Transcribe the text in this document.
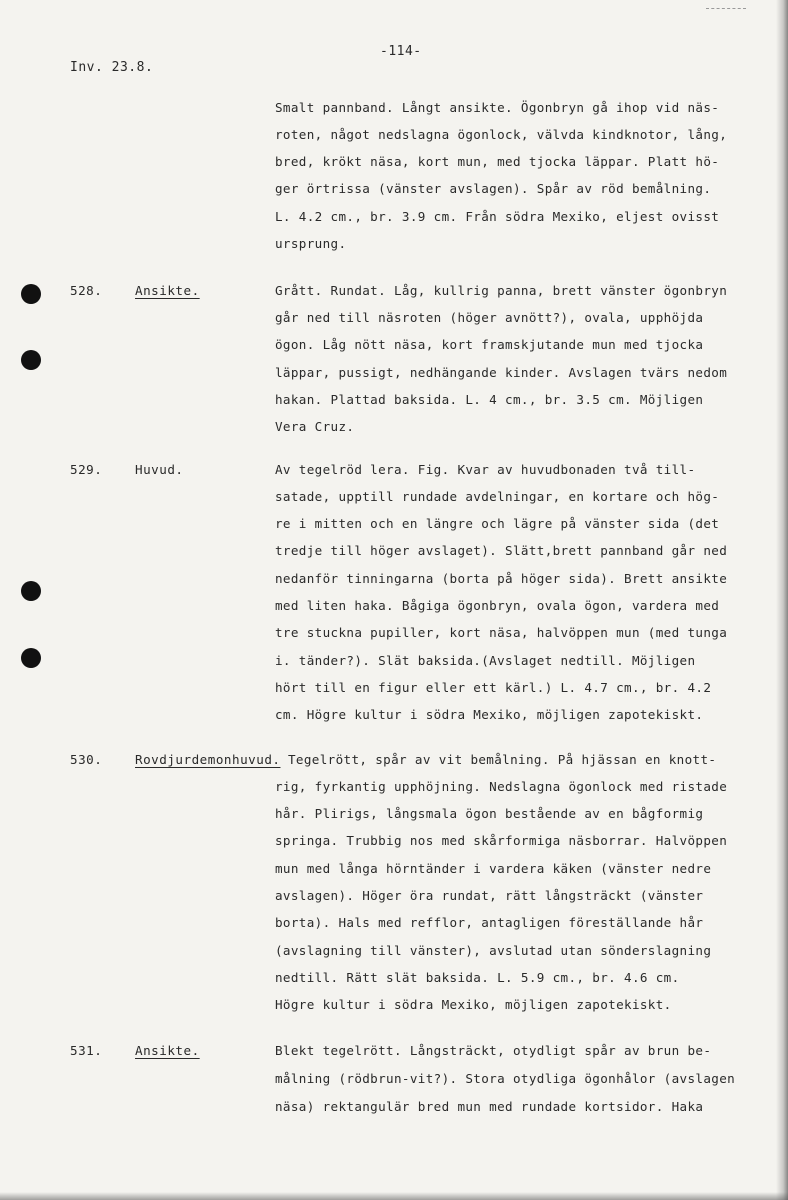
Inv. 23.8.
-114-
Smalt pannband. Långt ansikte. Ögonbryn gå ihop vid näs-
roten, något nedslagna ögonlock, välvda kindknotor, lång,
bred, krökt näsa, kort mun, med tjocka läppar. Platt hö-
ger örtrissa (vänster avslagen). Spår av röd bemålning.
L. 4.2 cm., br. 3.9 cm. Från södra Mexiko, eljest ovisst
ursprung.
528.	Ansikte.	Grått. Rundat. Låg, kullrig panna, brett vänster ögonbryn
går ned till näsroten (höger avnött?), ovala, upphöjda
ögon. Låg nött näsa, kort framskjutande mun med tjocka
läppar, pussigt, nedhängande kinder. Avslagen tvärs nedom
hakan. Plattad baksida. L. 4 cm., br. 3.5 cm. Möjligen
Vera Cruz.
529.	Huvud.	Av tegelröd lera. Fig. Kvar av huvudbonaden två till-
satade, upptill rundade avdelningar, en kortare och hög-
re i mitten och en längre och lägre på vänster sida (det
tredje till höger avslaget). Slätt,brett pannband går ned
nedanför tinningarna (borta på höger sida). Brett ansikte
med liten haka. Bågiga ögonbryn, ovala ögon, vardera med
tre stuckna pupiller, kort näsa, halvöppen mun (med tunga
i. tänder?). Slät baksida.(Avslaget nedtill. Möjligen
hört till en figur eller ett kärl.) L. 4.7 cm., br. 4.2
cm. Högre kultur i södra Mexiko, möjligen zapotekiskt.
530.	Rovdjurdemonhuvud. Tegelrött, spår av vit bemålning. På hjässan en knott-
rig, fyrkantig upphöjning. Nedslagna ögonlock med ristade
hår. Plirigs, långsmala ögon bestående av en bågformig
springa. Trubbig nos med skårformiga näsborrar. Halvöppen
mun med långa hörntänder i vardera käken (vänster nedre
avslagen). Höger öra rundat, rätt långsträckt (vänster
borta). Hals med refflor, antagligen föreställande hår
(avslagning till vänster), avslutad utan sönderslagning
nedtill. Rätt slät baksida. L. 5.9 cm., br. 4.6 cm.
Högre kultur i södra Mexiko, möjligen zapotekiskt.
531.	Ansikte.	Blekt tegelrött. Långsträckt, otydligt spår av brun be-
målning (rödbrun-vit?). Stora otydliga ögonhålor (avslagen
näsa) rektangulär bred mun med rundade kortsidor. Haka
